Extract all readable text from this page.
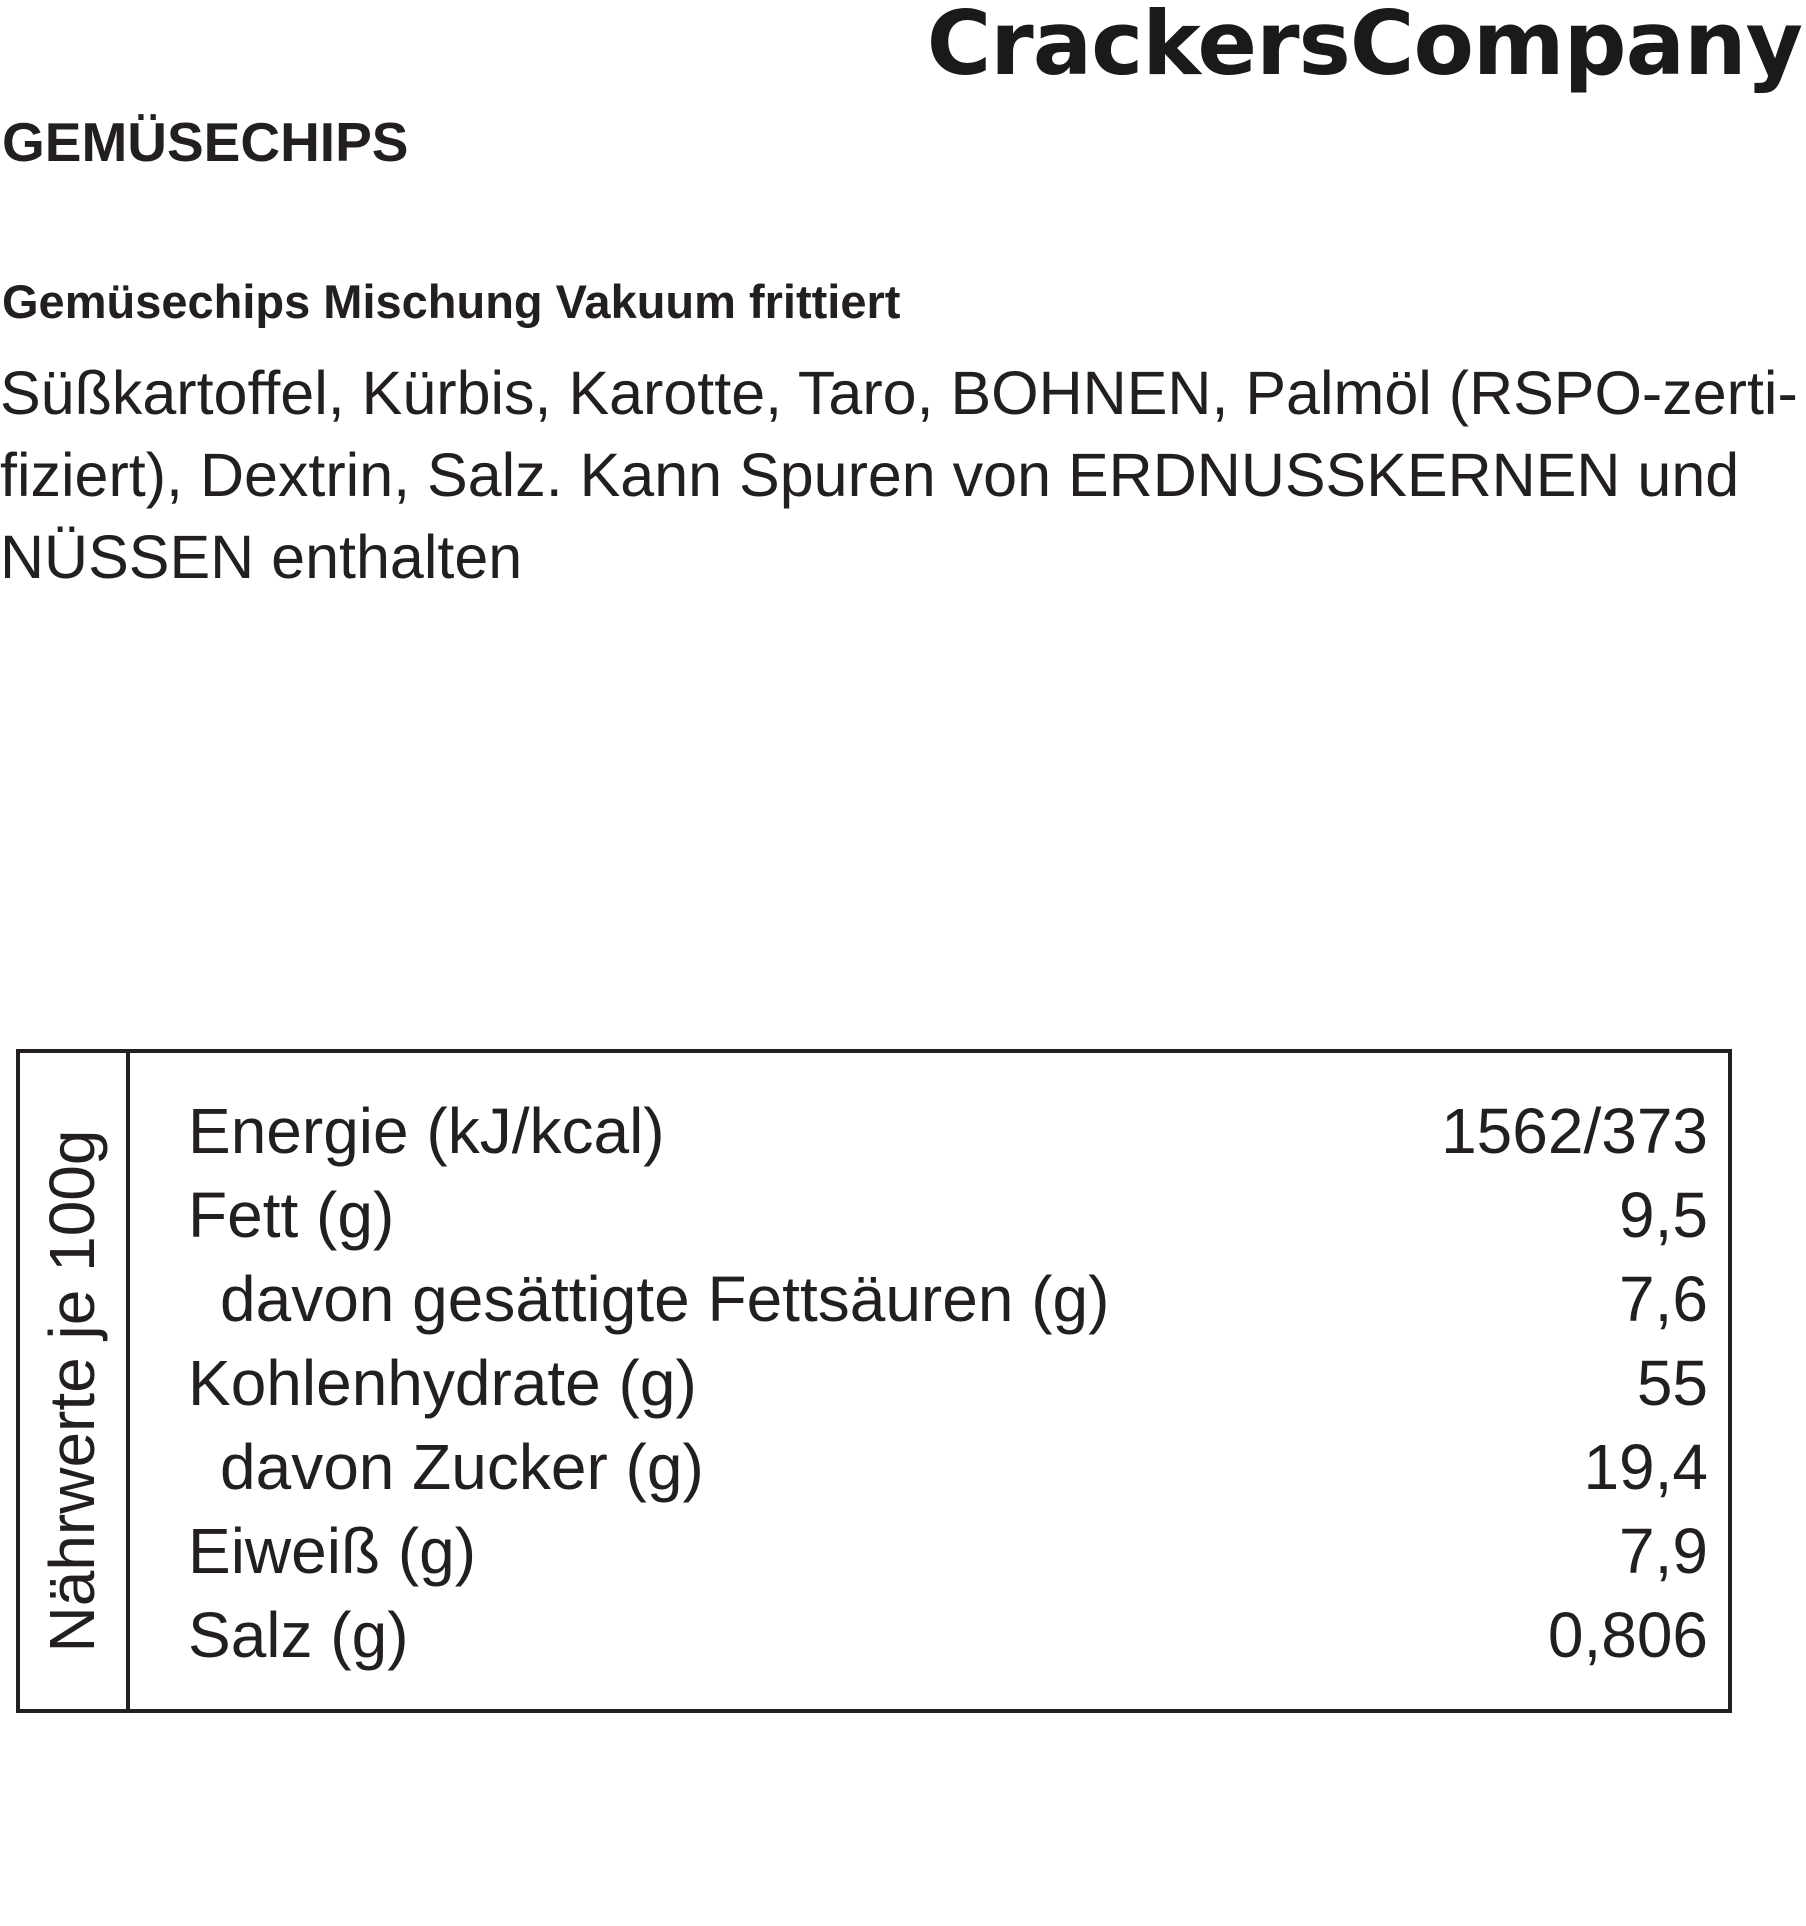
CrackersCompany
GEMÜSECHIPS
Gemüsechips Mischung Vakuum frittiert
Süßkartoffel, Kürbis, Karotte, Taro, BOHNEN, Palmöl (RSPO-zerti-
fiziert), Dextrin, Salz. Kann Spuren von ERDNUSSKERNEN und
NÜSSEN enthalten
Nährwerte je 100g Energie (kJ/kcal)	1562/373
Fett (g)	9,5
davon gesättigte Fettsäuren (g)	7,6
Kohlenhydrate (g)	55
davon Zucker (g)	19,4
Eiweiß (g)	7,9
Salz (g)	0,806
